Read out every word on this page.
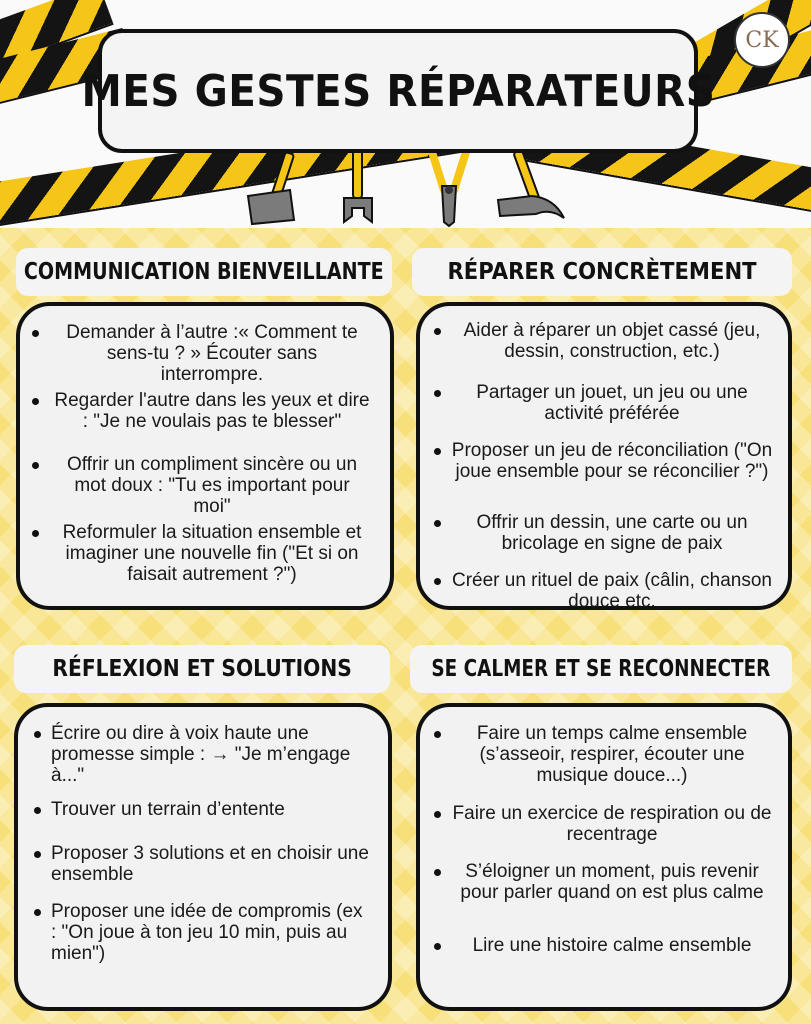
MES GESTES RÉPARATEURS
CK
COMMUNICATION BIENVEILLANTE
Demander à l’autre :« Comment te sens-tu ? » Écouter sans interrompre.
Regarder l'autre dans les yeux et dire : "Je ne voulais pas te blesser"
Offrir un compliment sincère ou un mot doux : "Tu es important pour moi"
Reformuler la situation ensemble et imaginer une nouvelle fin ("Et si on faisait autrement ?")
RÉPARER CONCRÈTEMENT
Aider à réparer un objet cassé (jeu, dessin, construction, etc.)
Partager un jouet, un jeu ou une activité préférée
Proposer un jeu de réconciliation ("On joue ensemble pour se réconcilier ?")
Offrir un dessin, une carte ou un bricolage en signe de paix
Créer un rituel de paix (câlin, chanson douce etc.
RÉFLEXION ET SOLUTIONS
Écrire ou dire à voix haute une promesse simple : → "Je m’engage à..."
Trouver un terrain d’entente
Proposer 3 solutions et en choisir une ensemble
Proposer une idée de compromis (ex : "On joue à ton jeu 10 min, puis au mien")
SE CALMER ET SE RECONNECTER
Faire un temps calme ensemble (s’asseoir, respirer, écouter une musique douce...)
Faire un exercice de respiration ou de recentrage
S’éloigner un moment, puis revenir pour parler quand on est plus calme
Lire une histoire calme ensemble
